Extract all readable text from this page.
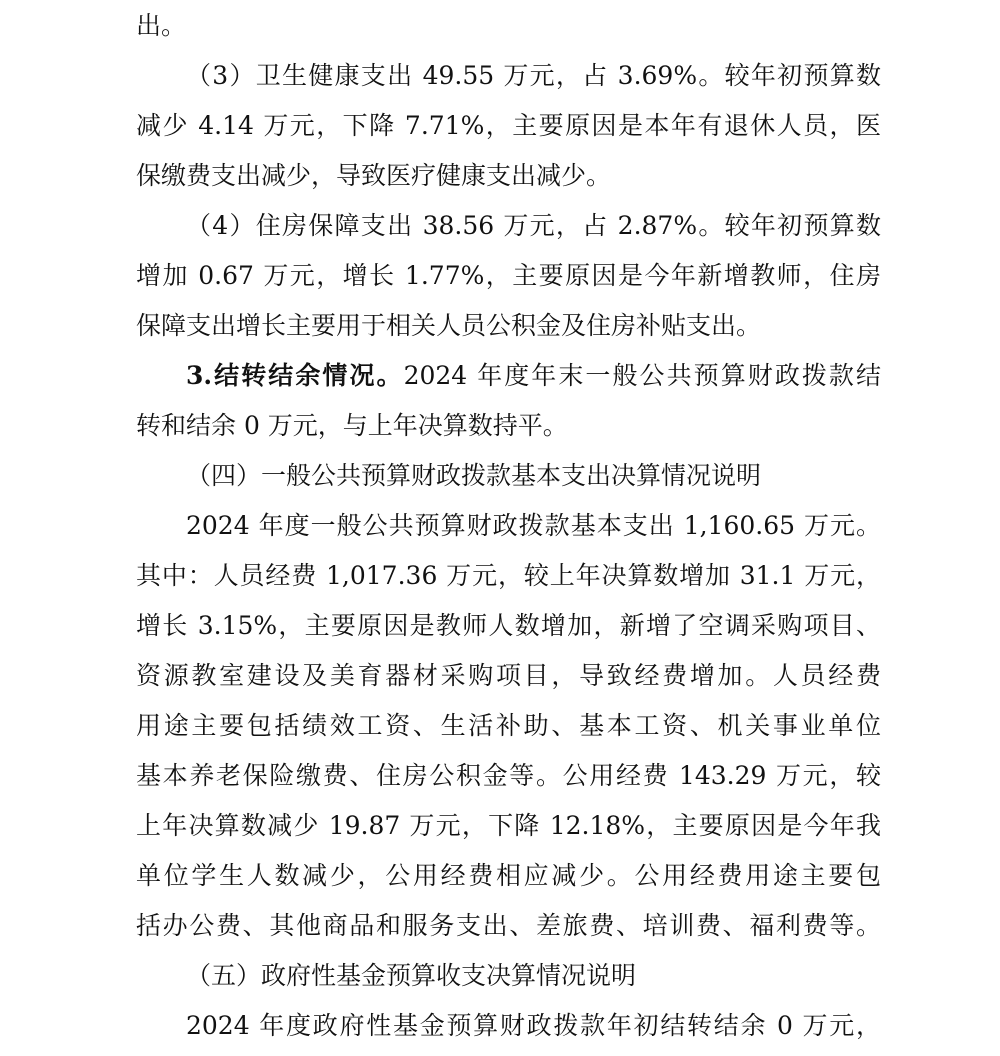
出。
（3）卫生健康支出 49.55 万元，占 3.69%。较年初预算数
减少 4.14 万元，下降 7.71%，主要原因是本年有退休人员，医
保缴费支出减少，导致医疗健康支出减少。
（4）住房保障支出 38.56 万元，占 2.87%。较年初预算数
增加 0.67 万元，增长 1.77%，主要原因是今年新增教师，住房
保障支出增长主要用于相关人员公积金及住房补贴支出。
3.结转结余情况。2024 年度年末一般公共预算财政拨款结
转和结余 0 万元，与上年决算数持平。
（四）一般公共预算财政拨款基本支出决算情况说明
2024 年度一般公共预算财政拨款基本支出 1,160.65 万元。
其中：人员经费 1,017.36 万元，较上年决算数增加 31.1 万元，
增长 3.15%，主要原因是教师人数增加，新增了空调采购项目、
资源教室建设及美育器材采购项目，导致经费增加。人员经费
用途主要包括绩效工资、生活补助、基本工资、机关事业单位
基本养老保险缴费、住房公积金等。公用经费 143.29 万元，较
上年决算数减少 19.87 万元，下降 12.18%，主要原因是今年我
单位学生人数减少，公用经费相应减少。公用经费用途主要包
括办公费、其他商品和服务支出、差旅费、培训费、福利费等。
（五）政府性基金预算收支决算情况说明
2024 年度政府性基金预算财政拨款年初结转结余 0 万元，
